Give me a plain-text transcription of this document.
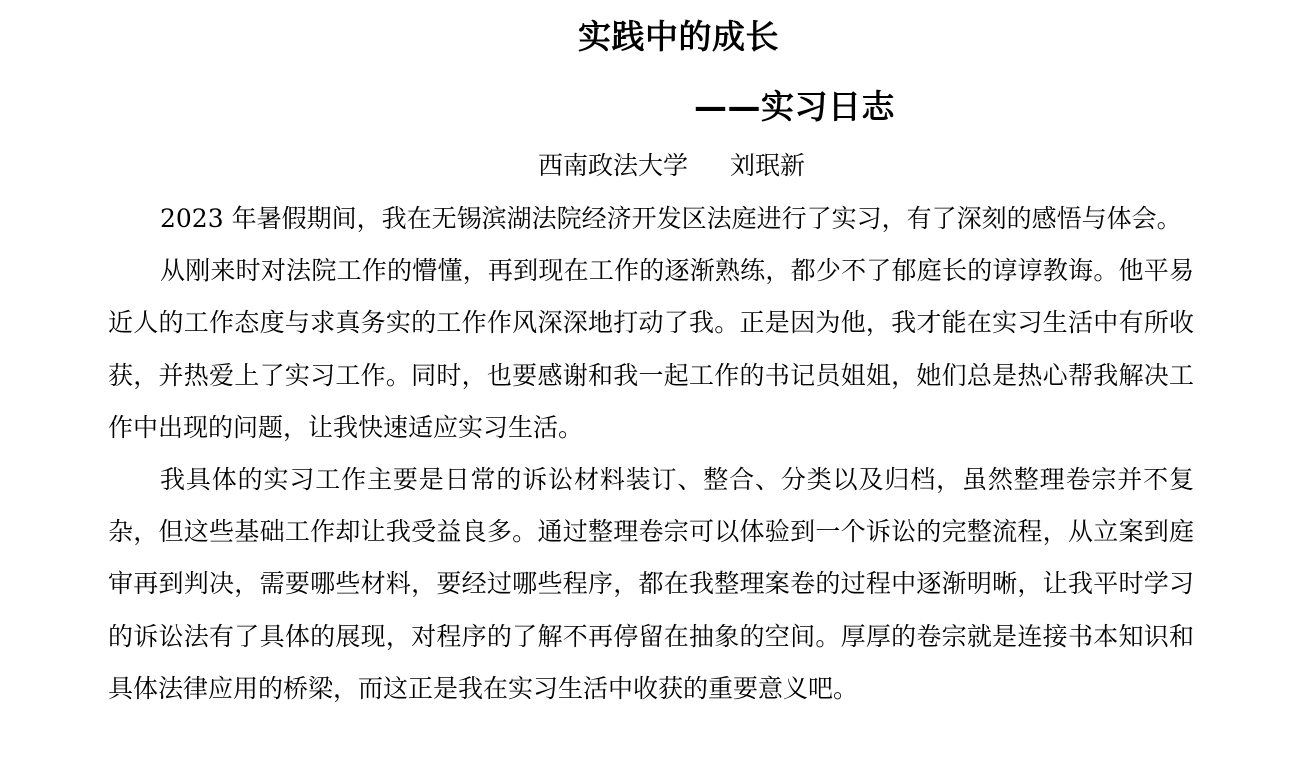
实践中的成长
——实习日志

西南政法大学 刘珉新

2023 年暑假期间，我在无锡滨湖法院经济开发区法庭进行了实习，有了深刻的感悟与体会。

从刚来时对法院工作的懵懂，再到现在工作的逐渐熟练，都少不了郁庭长的谆谆教诲。他平易近人的工作态度与求真务实的工作作风深深地打动了我。正是因为他，我才能在实习生活中有所收获，并热爱上了实习工作。同时，也要感谢和我一起工作的书记员姐姐，她们总是热心帮我解决工作中出现的问题，让我快速适应实习生活。

我具体的实习工作主要是日常的诉讼材料装订、整合、分类以及归档，虽然整理卷宗并不复杂，但这些基础工作却让我受益良多。通过整理卷宗可以体验到一个诉讼的完整流程，从立案到庭审再到判决，需要哪些材料，要经过哪些程序，都在我整理案卷的过程中逐渐明晰，让我平时学习的诉讼法有了具体的展现，对程序的了解不再停留在抽象的空间。厚厚的卷宗就是连接书本知识和具体法律应用的桥梁，而这正是我在实习生活中收获的重要意义吧。
